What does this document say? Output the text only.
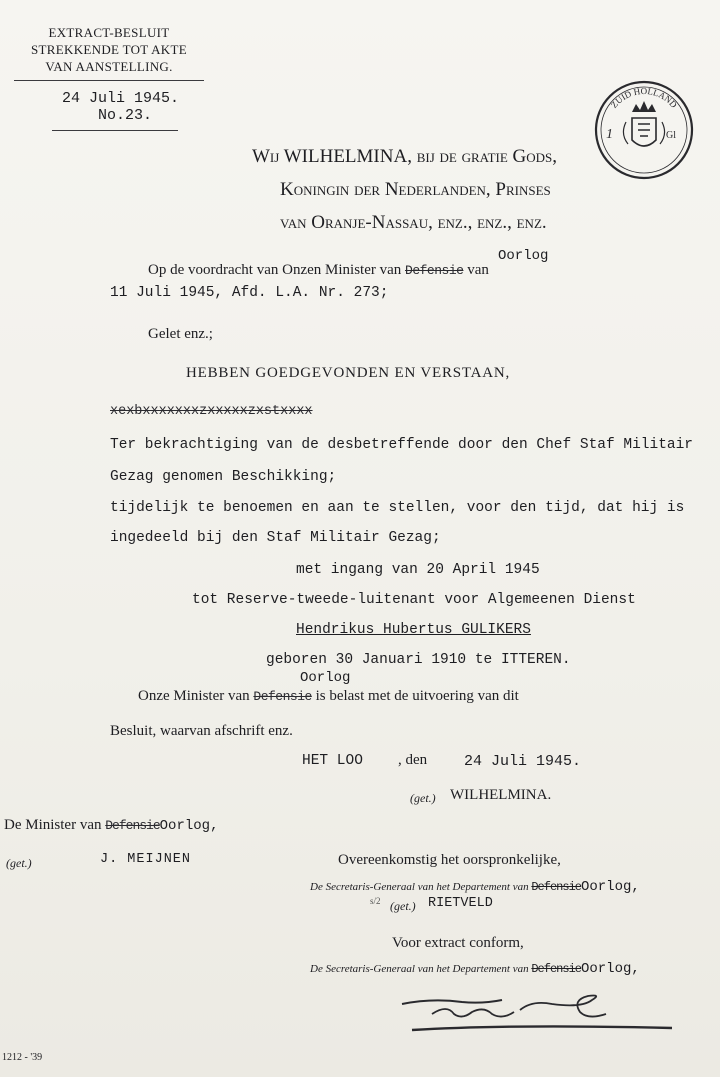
EXTRACT-BESLUIT
STREKKENDE TOT AKTE
VAN AANSTELLING.
24 Juli 1945.
No.23.
ZUID HOLLAND
1	Gl
Wij WILHELMINA, bij de gratie Gods,
Koningin der Nederlanden, Prinses
van Oranje-Nassau, enz., enz., enz.
Oorlog
Op de voordracht van Onzen Minister van Defensie van
11 Juli 1945, Afd. L.A. Nr. 273;
Gelet enz.;
HEBBEN GOEDGEVONDEN EN VERSTAAN,
xexbxxxxxxxzxxxxxzxstxxxx
Ter bekrachtiging van de desbetreffende door den Chef Staf Militair
Gezag genomen Beschikking;
tijdelijk te benoemen en aan te stellen, voor den tijd, dat hij is
ingedeeld bij den Staf Militair Gezag;
met ingang van 20 April 1945
tot Reserve-tweede-luitenant voor Algemeenen Dienst
Hendrikus Hubertus GULIKERS
geboren 30 Januari 1910 te ITTEREN.
Oorlog
Onze Minister van Defensie is belast met de uitvoering van dit
Besluit, waarvan afschrift enz.
HET LOO , den 24 Juli 1945.
(get.) WILHELMINA.
De Minister van DefensieOorlog,
(get.)	J. MEIJNEN	Overeenkomstig het oorspronkelijke,
De Secretaris-Generaal van het Departement van DefensieOorlog,
s/2 (get.) RIETVELD
Voor extract conform,
De Secretaris-Generaal van het Departement van DefensieOorlog,
1212 - '39
